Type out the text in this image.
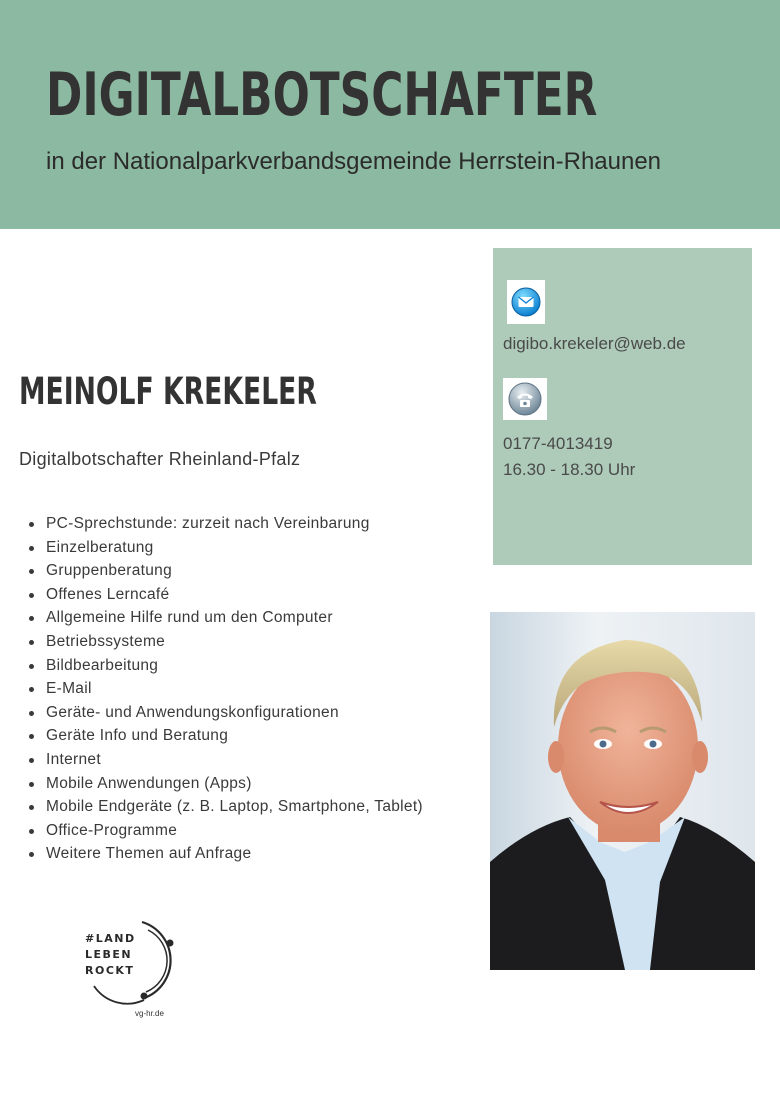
DIGITALBOTSCHAFTER
in der Nationalparkverbandsgemeinde Herrstein-Rhaunen
digibo.krekeler@web.de
0177-4013419
16.30 - 18.30 Uhr
MEINOLF KREKELER
Digitalbotschafter Rheinland-Pfalz
PC-Sprechstunde: zurzeit nach Vereinbarung
Einzelberatung
Gruppenberatung
Offenes Lerncafé
Allgemeine Hilfe rund um den Computer
Betriebssysteme
Bildbearbeitung
E-Mail
Geräte- und Anwendungskonfigurationen
Geräte Info und Beratung
Internet
Mobile Anwendungen (Apps)
Mobile Endgeräte (z. B. Laptop, Smartphone, Tablet)
Office-Programme
Weitere Themen auf Anfrage
#LAND
LEBEN
ROCKT
vg-hr.de
